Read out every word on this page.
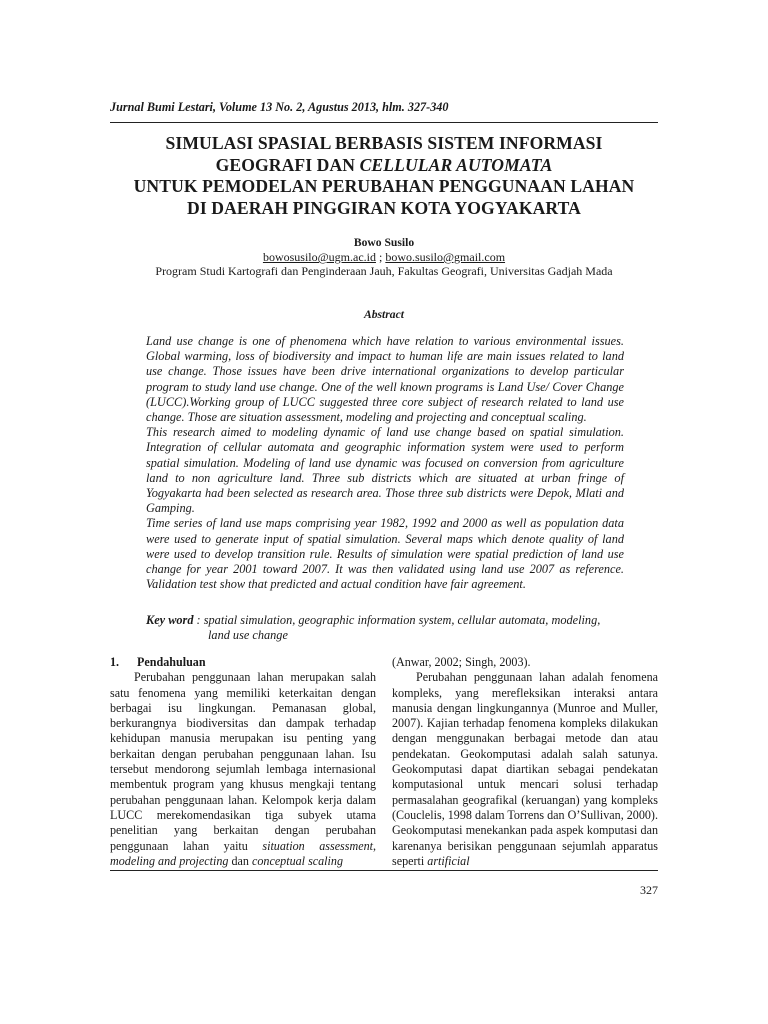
Jurnal Bumi Lestari, Volume 13 No. 2, Agustus 2013, hlm. 327-340
SIMULASI SPASIAL BERBASIS SISTEM INFORMASI
GEOGRAFI DAN CELLULAR AUTOMATA
UNTUK PEMODELAN PERUBAHAN PENGGUNAAN LAHAN
DI DAERAH PINGGIRAN KOTA YOGYAKARTA
Bowo Susilo
bowosusilo@ugm.ac.id ; bowo.susilo@gmail.com
Program Studi Kartografi dan Penginderaan Jauh, Fakultas Geografi, Universitas Gadjah Mada
Abstract

Land use change is one of phenomena which have relation to various environmental issues. Global warming, loss of biodiversity and impact to human life are main issues related to land use change. Those issues have been drive international organizations to develop particular program to study land use change. One of the well known programs is Land Use/ Cover Change (LUCC).Working group of LUCC suggested three core subject of research related to land use change. Those are situation assessment, modeling and projecting and conceptual scaling.

This research aimed to modeling dynamic of land use change based on spatial simulation. Integration of cellular automata and geographic information system were used to perform spatial simulation. Modeling of land use dynamic was focused on conversion from agriculture land to non agriculture land. Three sub districts which are situated at urban fringe of Yogyakarta had been selected as research area. Those three sub districts were Depok, Mlati and Gamping.

Time series of land use maps comprising year 1982, 1992 and 2000 as well as population data were used to generate input of spatial simulation. Several maps which denote quality of land were used to develop transition rule. Results of simulation were spatial prediction of land use change for year 2001 toward 2007. It was then validated using land use 2007 as reference. Validation test show that predicted and actual condition have fair agreement.

Key word : spatial simulation, geographic information system, cellular automata, modeling,
land use change
1. Pendahuluan

Perubahan penggunaan lahan merupakan salah satu fenomena yang memiliki keterkaitan dengan berbagai isu lingkungan. Pemanasan global, berkurangnya biodiversitas dan dampak terhadap kehidupan manusia merupakan isu penting yang berkaitan dengan perubahan penggunaan lahan. Isu tersebut mendorong sejumlah lembaga internasional membentuk program yang khusus mengkaji tentang perubahan penggunaan lahan. Kelompok kerja dalam LUCC merekomendasikan tiga subyek utama penelitian yang berkaitan dengan perubahan penggunaan lahan yaitu situation assessment, modeling and projecting dan conceptual scaling

(Anwar, 2002; Singh, 2003).

Perubahan penggunaan lahan adalah fenomena kompleks, yang merefleksikan interaksi antara manusia dengan lingkungannya (Munroe and Muller, 2007). Kajian terhadap fenomena kompleks dilakukan dengan menggunakan berbagai metode dan atau pendekatan. Geokomputasi adalah salah satunya. Geokomputasi dapat diartikan sebagai pendekatan komputasional untuk mencari solusi terhadap permasalahan geografikal (keruangan) yang kompleks (Couclelis, 1998 dalam Torrens dan O’Sullivan, 2000). Geokomputasi menekankan pada aspek komputasi dan karenanya berisikan penggunaan sejumlah apparatus seperti artificial

327
